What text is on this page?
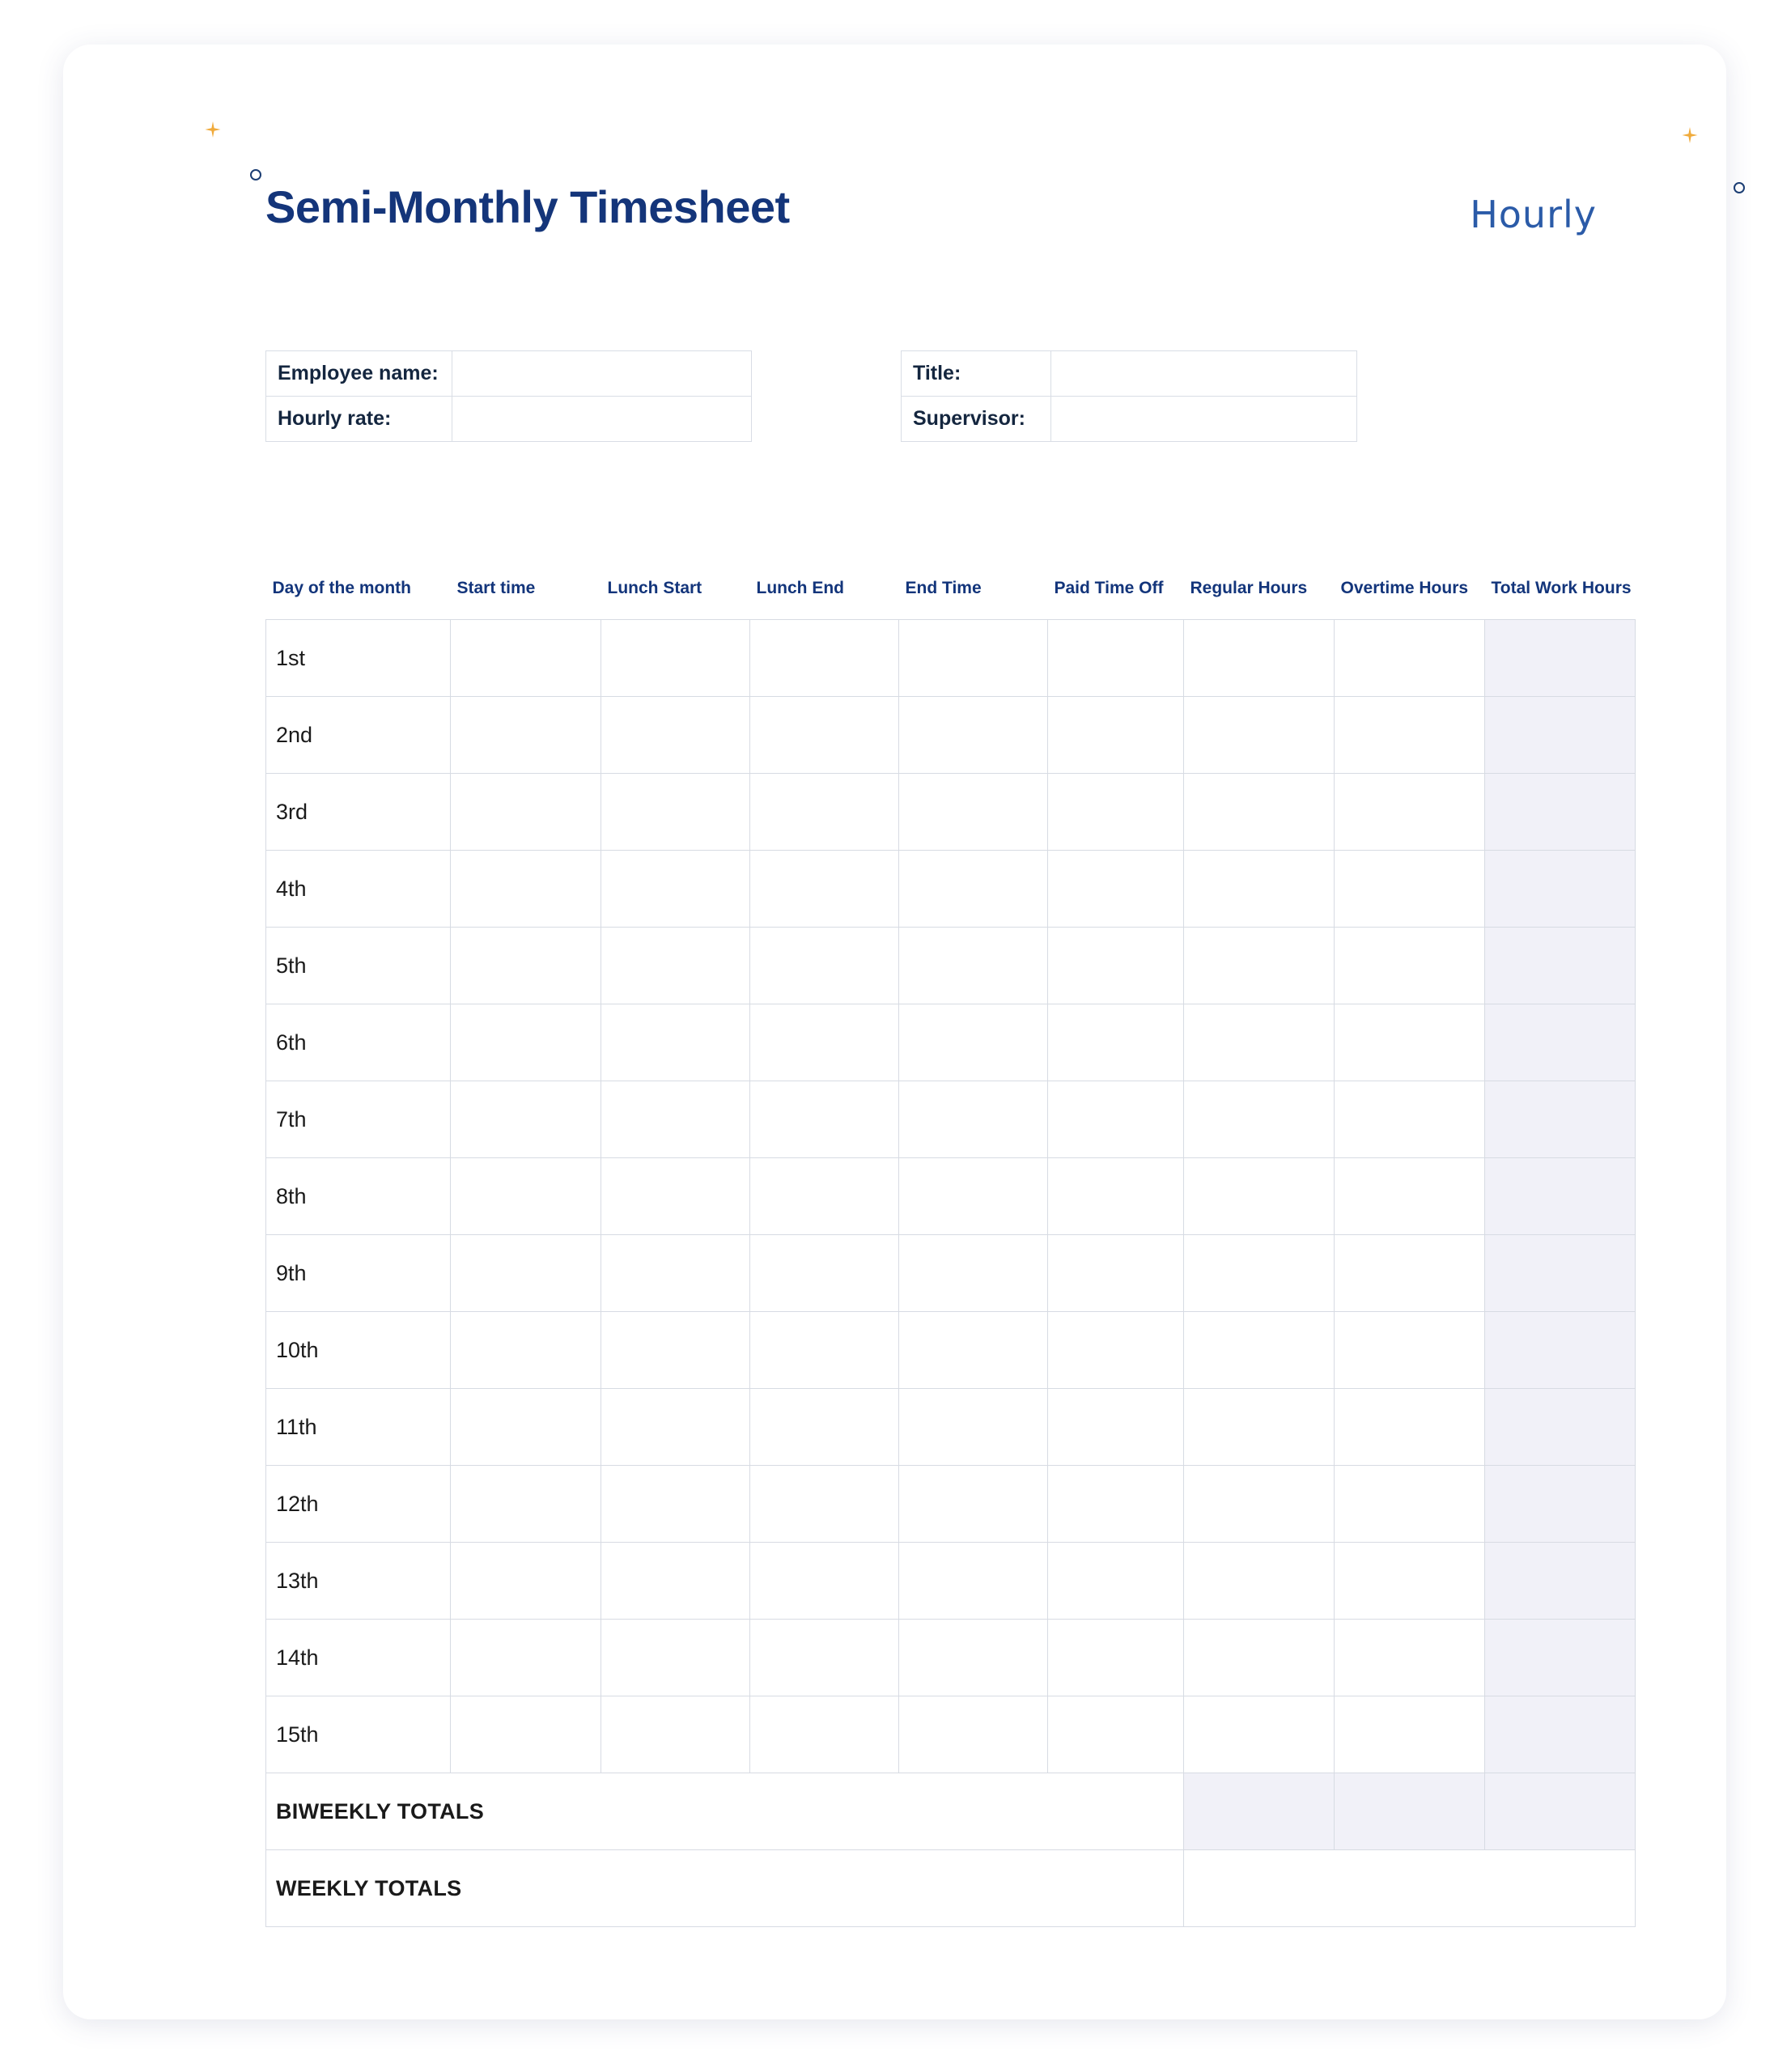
Semi-Monthly Timesheet	Hourly
Employee name:	
Hourly rate:	
Title:	
Supervisor:	
Day of the month	Start time	Lunch Start	Lunch End	End Time	Paid Time Off	Regular Hours	Overtime Hours	Total Work Hours
1st								
2nd								
3rd								
4th								
5th								
6th								
7th								
8th								
9th								
10th								
11th								
12th								
13th								
14th								
15th								
BIWEEKLY TOTALS								
WEEKLY TOTALS								
